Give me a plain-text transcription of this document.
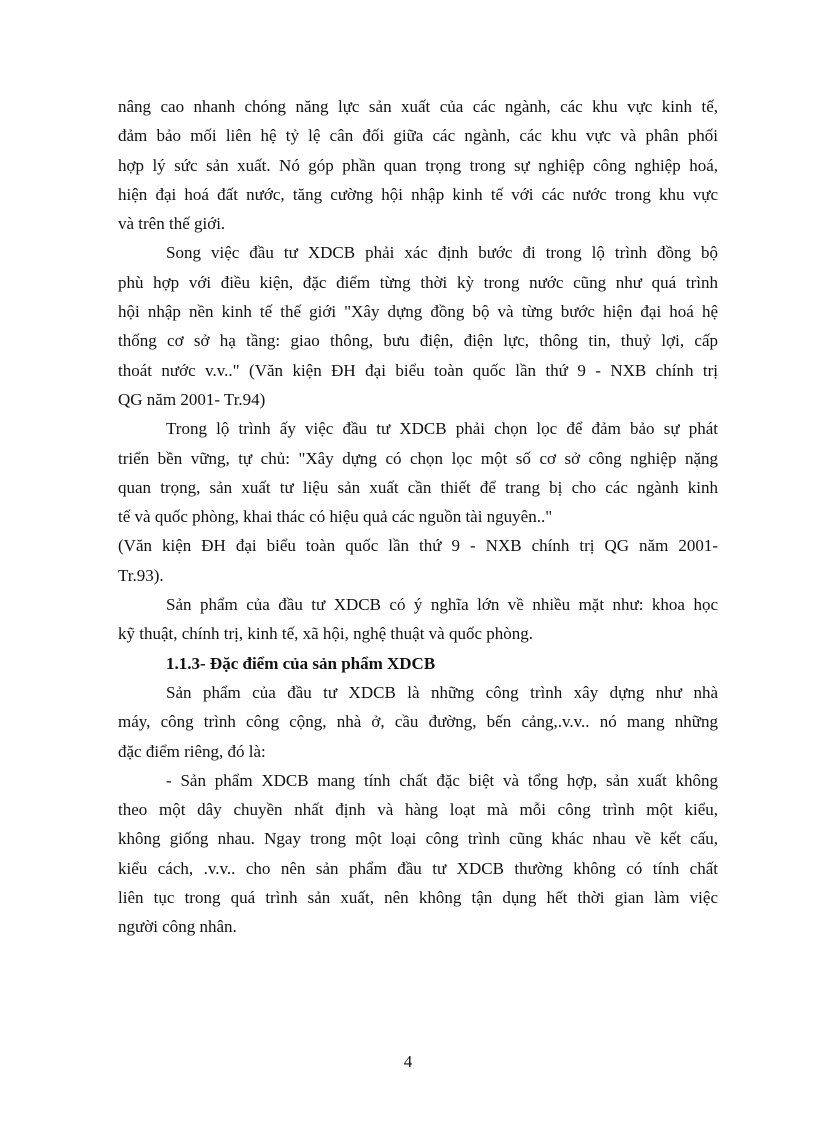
nâng cao nhanh chóng năng lực sản xuất của các ngành, các khu vực kinh tế,
đảm bảo mối liên hệ tỷ lệ cân đối giữa các ngành, các khu vực và phân phối
hợp lý sức sản xuất. Nó góp phần quan trọng trong sự nghiệp công nghiệp hoá,
hiện đại hoá đất nước, tăng cường hội nhập kinh tế với các nước trong khu vực
và trên thế giới.
Song việc đầu tư XDCB phải xác định bước đi trong lộ trình đồng bộ
phù hợp với điều kiện, đặc điểm từng thời kỳ trong nước cũng như quá trình
hội nhập nền kinh tế thế giới "Xây dựng đồng bộ và từng bước hiện đại hoá hệ
thống cơ sở hạ tầng: giao thông, bưu điện, điện lực, thông tin, thuỷ lợi, cấp
thoát nước v.v.." (Văn kiện ĐH đại biểu toàn quốc lần thứ 9 - NXB chính trị
QG năm 2001- Tr.94)
Trong lộ trình ấy việc đầu tư XDCB phải chọn lọc để đảm bảo sự phát
triển bền vững, tự chủ: "Xây dựng có chọn lọc một số cơ sở công nghiệp nặng
quan trọng, sản xuất tư liệu sản xuất cần thiết để trang bị cho các ngành kinh
tế và quốc phòng, khai thác có hiệu quả các nguồn tài nguyên.."
(Văn kiện ĐH đại biểu toàn quốc lần thứ 9 - NXB chính trị QG năm 2001-
Tr.93).
Sản phẩm của đầu tư XDCB có ý nghĩa lớn về nhiều mặt như: khoa học
kỹ thuật, chính trị, kinh tế, xã hội, nghệ thuật và quốc phòng.
1.1.3- Đặc điểm của sản phẩm XDCB
Sản phẩm của đầu tư XDCB là những công trình xây dựng như nhà
máy, công trình công cộng, nhà ở, cầu đường, bến cảng,.v.v.. nó mang những
đặc điểm riêng, đó là:
- Sản phẩm XDCB mang tính chất đặc biệt và tổng hợp, sản xuất không
theo một dây chuyền nhất định và hàng loạt mà mỗi công trình một kiểu,
không giống nhau. Ngay trong một loại công trình cũng khác nhau về kết cấu,
kiểu cách, .v.v.. cho nên sản phẩm đầu tư XDCB thường không có tính chất
liên tục trong quá trình sản xuất, nên không tận dụng hết thời gian làm việc
người công nhân.
4
